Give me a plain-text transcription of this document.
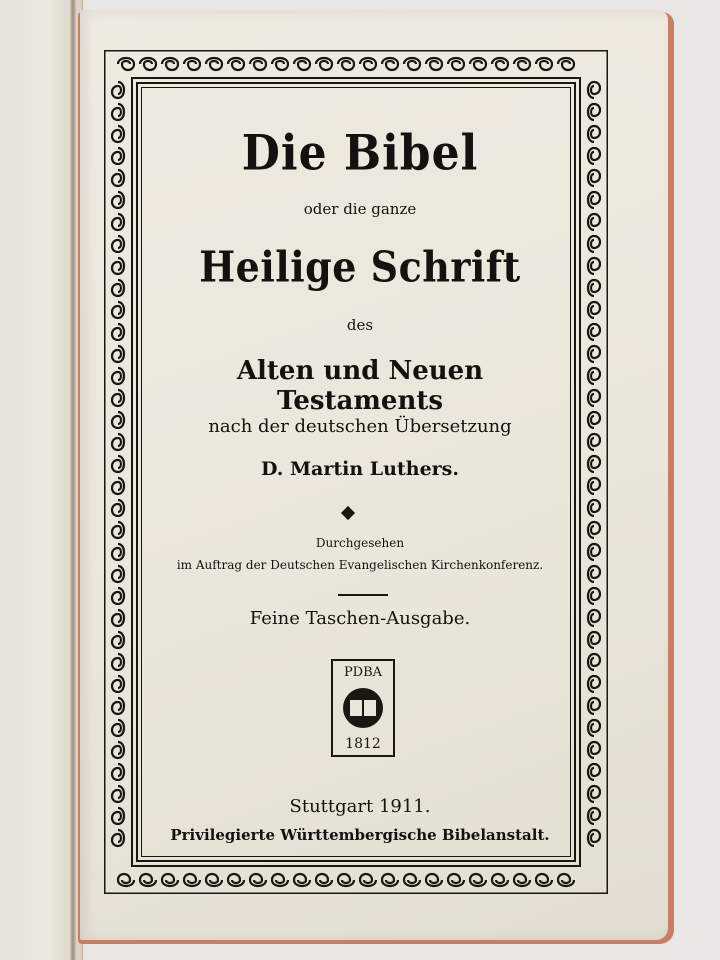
Die Bibel
oder die ganze
Heilige Schrift
des
Alten und Neuen Testaments
nach der deutschen Übersetzung
D. Martin Luthers.
Durchgesehen
im Auftrag der Deutschen Evangelischen Kirchenkonferenz.
Feine Taschen-Ausgabe.
PDBA
1812
Stuttgart 1911.
Privilegierte Württembergische Bibelanstalt.
